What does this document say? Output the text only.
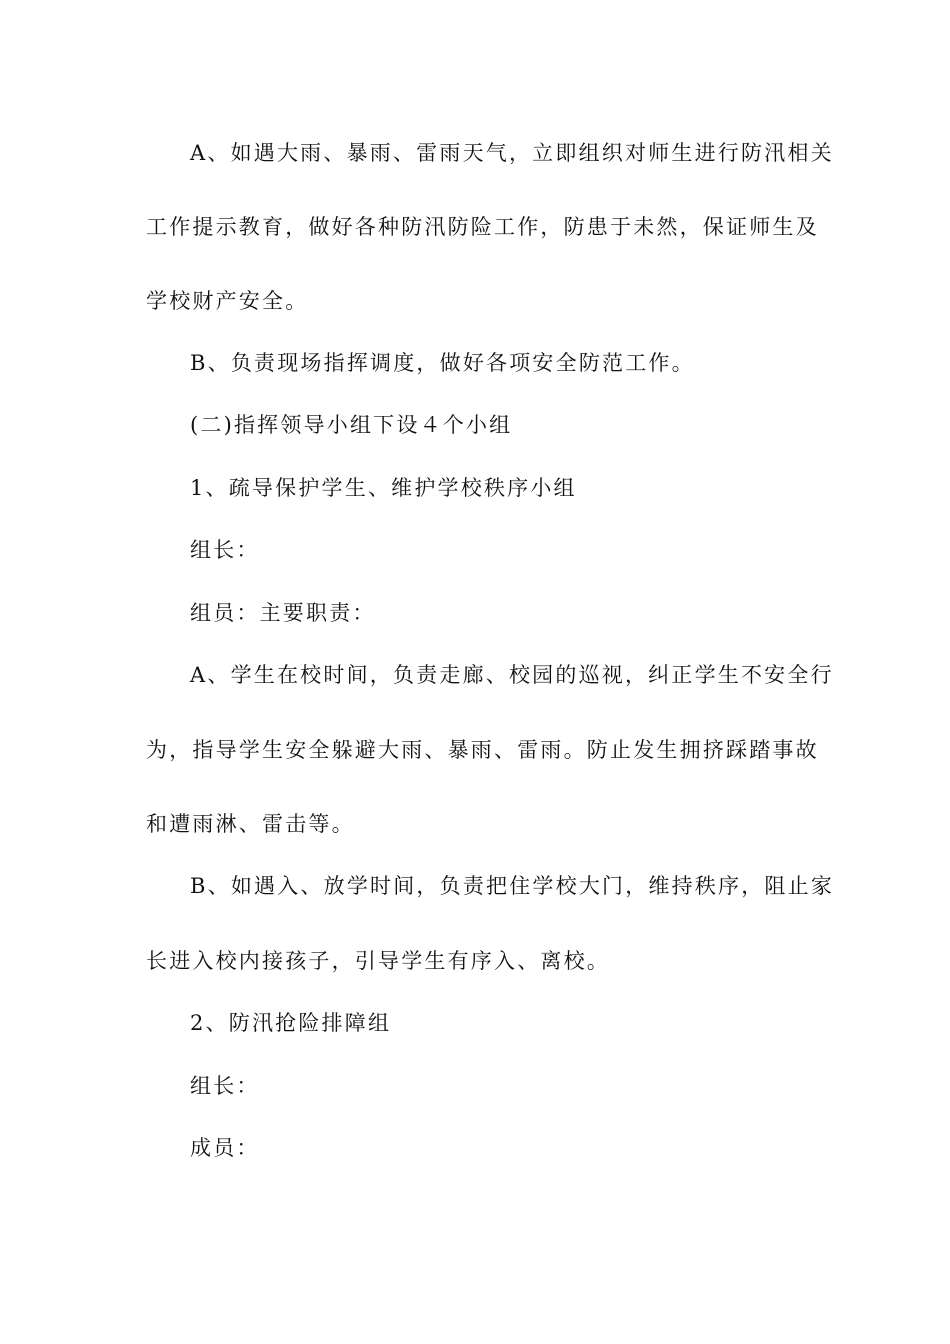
A、如遇大雨、暴雨、雷雨天气，立即组织对师生进行防汛相关
工作提示教育，做好各种防汛防险工作，防患于未然，保证师生及
学校财产安全。
B、负责现场指挥调度，做好各项安全防范工作。
(二)指挥领导小组下设４个小组
1、疏导保护学生、维护学校秩序小组
组长：
组员：主要职责：
A、学生在校时间，负责走廊、校园的巡视，纠正学生不安全行
为，指导学生安全躲避大雨、暴雨、雷雨。防止发生拥挤踩踏事故
和遭雨淋、雷击等。
B、如遇入、放学时间，负责把住学校大门，维持秩序，阻止家
长进入校内接孩子，引导学生有序入、离校。
2、防汛抢险排障组
组长：
成员：
